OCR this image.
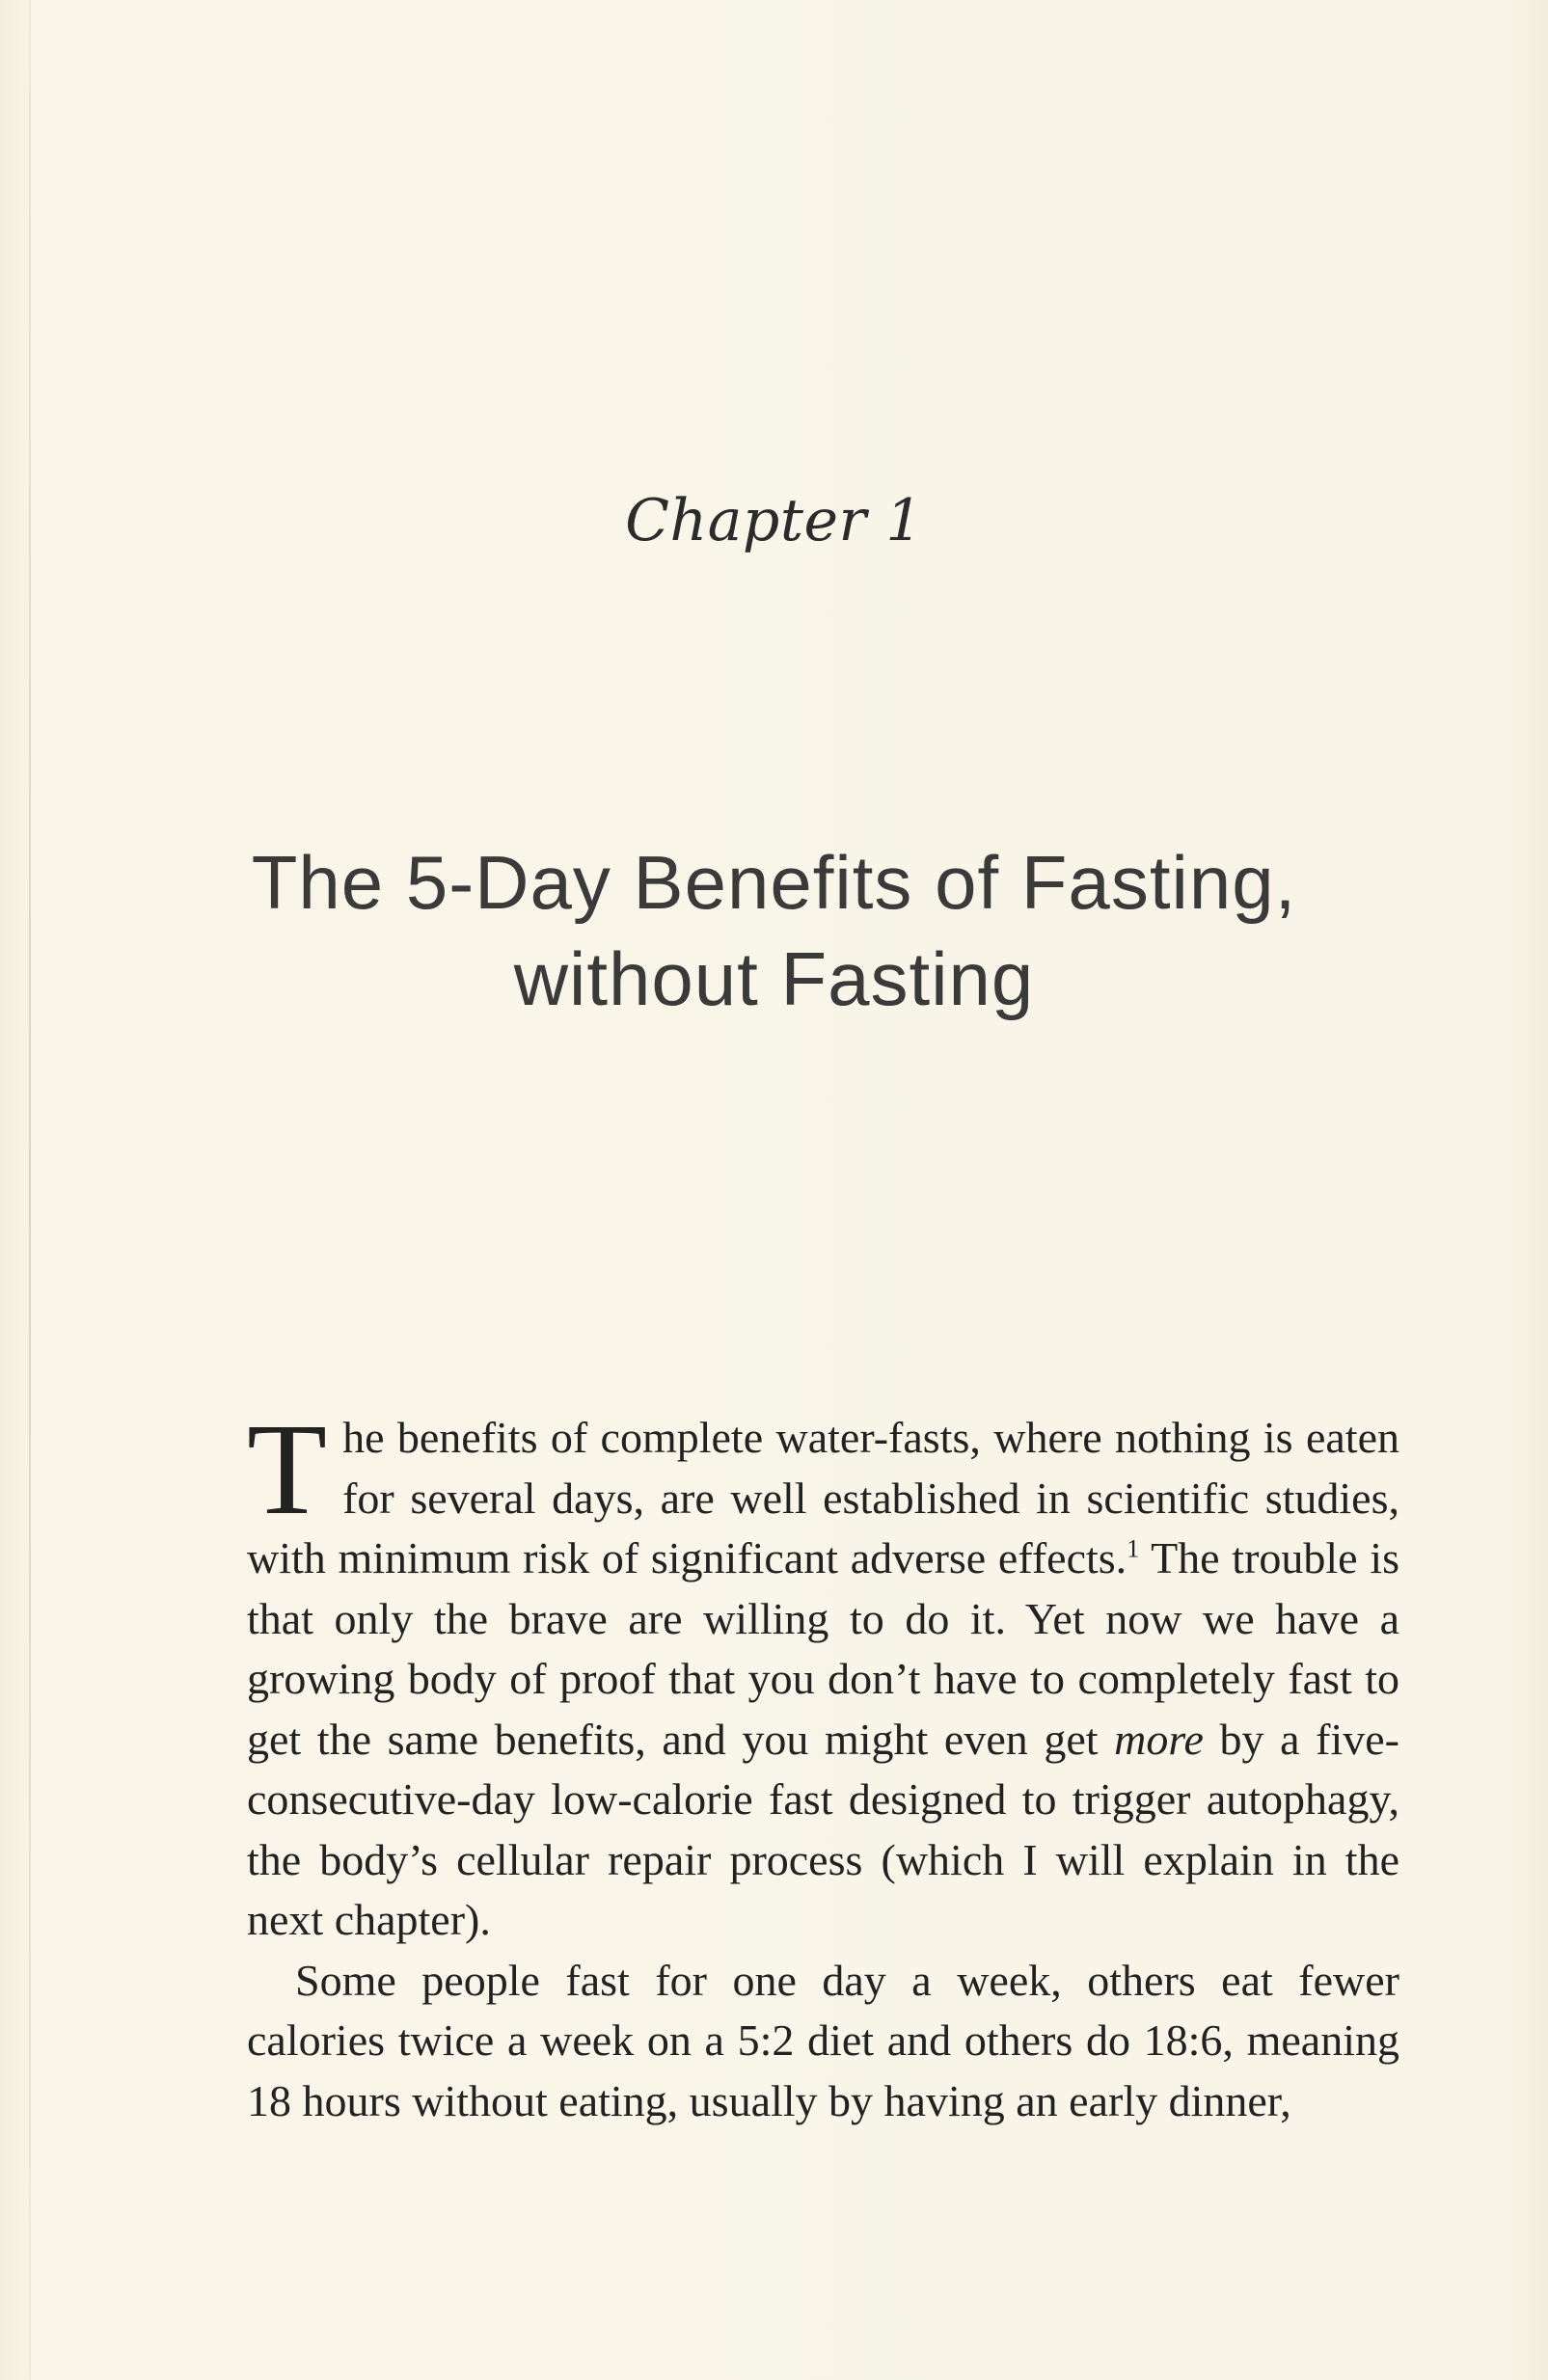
Chapter 1
The 5-Day Benefits of Fasting,
without Fasting

The benefits of complete water-fasts, where nothing is eaten for several days, are well established in scientific studies, with minimum risk of significant adverse effects.$^1$ The trouble is that only the brave are willing to do it. Yet now we have a growing body of proof that you don’t have to completely fast to get the same benefits, and you might even get more by a five-consecutive-day low-calorie fast designed to trigger autophagy, the body’s cellular repair process (which I will explain in the next chapter).

Some people fast for one day a week, others eat fewer calories twice a week on a 5:2 diet and others do 18:6, meaning 18 hours without eating, usually by having an early dinner,
